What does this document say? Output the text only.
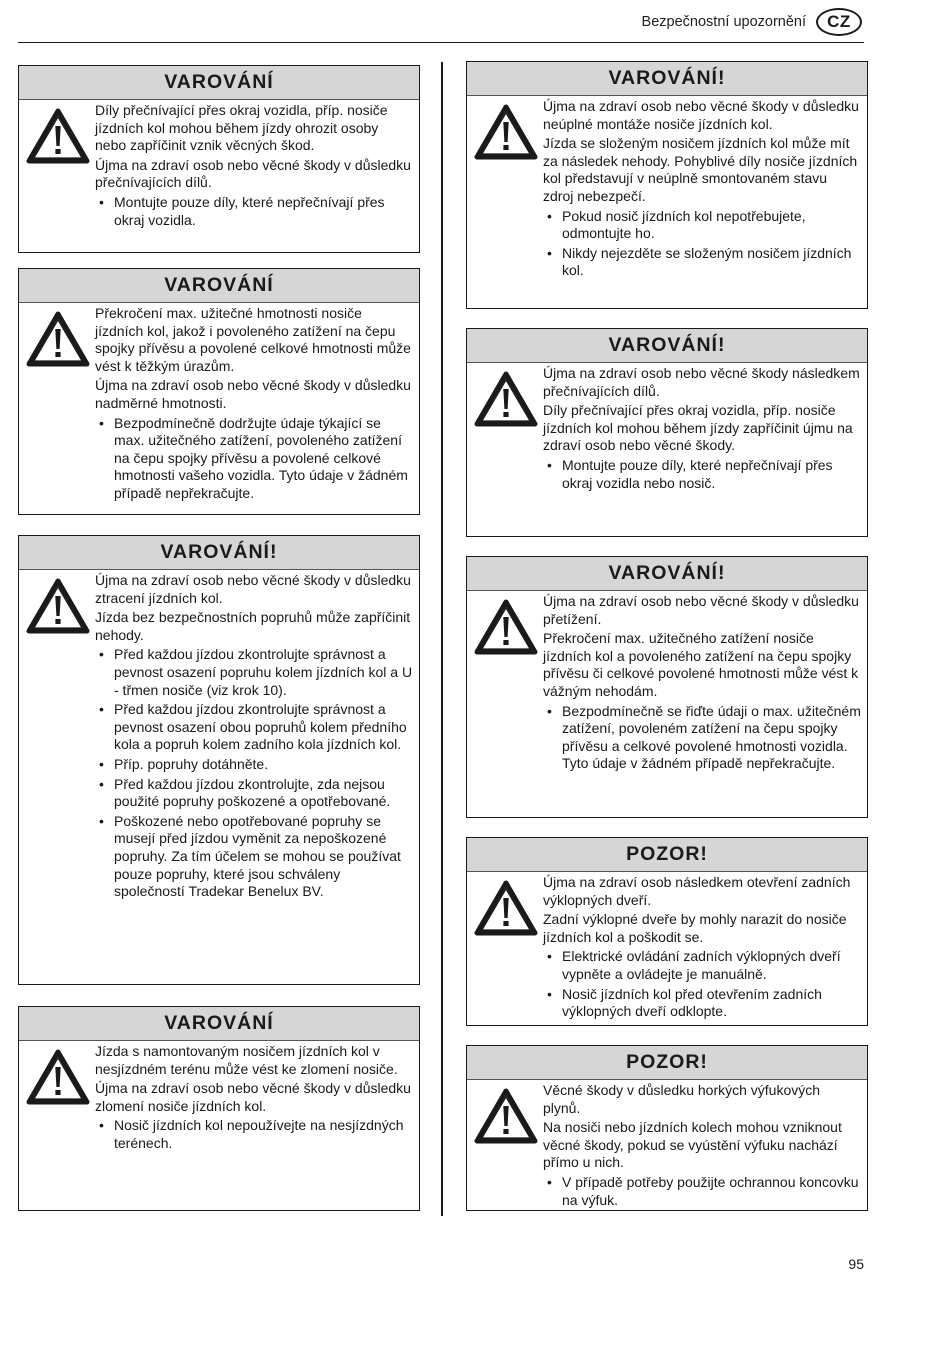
Bezpečnostní upozornění	CZ
VAROVÁNÍ

Díly přečnívající přes okraj vozidla, příp. nosiče jízdních kol mohou během jízdy ohrozit osoby nebo zapříčinit vznik věcných škod.

Újma na zdraví osob nebo věcné škody v důsledku přečnívajících dílů.

• Montujte pouze díly, které nepřečnívají přes okraj vozidla.
VAROVÁNÍ

Překročení max. užitečné hmotnosti nosiče jízdních kol, jakož i povoleného zatížení na čepu spojky přívěsu a povolené celkové hmotnosti může vést k těžkým úrazům.

Újma na zdraví osob nebo věcné škody v důsledku nadměrné hmotnosti.

• Bezpodmínečně dodržujte údaje týkající se max. užitečného zatížení, povoleného zatížení na čepu spojky přívěsu a povolené celkové hmotnosti vašeho vozidla. Tyto údaje v žádném případě nepřekračujte.
VAROVÁNÍ!

Újma na zdraví osob nebo věcné škody v důsledku ztracení jízdních kol.

Jízda bez bezpečnostních popruhů může zapříčinit nehody.

• Před každou jízdou zkontrolujte správnost a pevnost osazení popruhu kolem jízdních kol a U - třmen nosiče (viz krok 10).
• Před každou jízdou zkontrolujte správnost a pevnost osazení obou popruhů kolem předního kola a popruh kolem zadního kola jízdních kol.
• Příp. popruhy dotáhněte.
• Před každou jízdou zkontrolujte, zda nejsou použité popruhy poškozené a opotřebované.
• Poškozené nebo opotřebované popruhy se musejí před jízdou vyměnit za nepoškozené popruhy. Za tím účelem se mohou se používat pouze popruhy, které jsou schváleny společností Tradekar Benelux BV.
VAROVÁNÍ

Jízda s namontovaným nosičem jízdních kol v nesjízdném terénu může vést ke zlomení nosiče.

Újma na zdraví osob nebo věcné škody v důsledku zlomení nosiče jízdních kol.

• Nosič jízdních kol nepoužívejte na nesjízdných terénech.
VAROVÁNÍ!

Újma na zdraví osob nebo věcné škody v důsledku neúplné montáže nosiče jízdních kol.

Jízda se složeným nosičem jízdních kol může mít za následek nehody. Pohyblivé díly nosiče jízdních kol představují v neúplně smontovaném stavu zdroj nebezpečí.

• Pokud nosič jízdních kol nepotřebujete, odmontujte ho.
• Nikdy nejezděte se složeným nosičem jízdních kol.
VAROVÁNÍ!

Újma na zdraví osob nebo věcné škody následkem přečnívajících dílů.

Díly přečnívající přes okraj vozidla, příp. nosiče jízdních kol mohou během jízdy zapříčinit újmu na zdraví osob nebo věcné škody.

• Montujte pouze díly, které nepřečnívají přes okraj vozidla nebo nosič.
VAROVÁNÍ!

Újma na zdraví osob nebo věcné škody v důsledku přetížení.

Překročení max. užitečného zatížení nosiče jízdních kol a povoleného zatížení na čepu spojky přívěsu či celkové povolené hmotnosti může vést k vážným nehodám.

• Bezpodmínečně se řiďte údaji o max. užitečném zatížení, povoleném zatížení na čepu spojky přívěsu a celkové povolené hmotnosti vozidla. Tyto údaje v žádném případě nepřekračujte.
POZOR!

Újma na zdraví osob následkem otevření zadních výklopných dveří.

Zadní výklopné dveře by mohly narazit do nosiče jízdních kol a poškodit se.

• Elektrické ovládání zadních výklopných dveří vypněte a ovládejte je manuálně.
• Nosič jízdních kol před otevřením zadních výklopných dveří odklopte.
POZOR!

Věcné škody v důsledku horkých výfukových plynů.

Na nosiči nebo jízdních kolech mohou vzniknout věcné škody, pokud se vyústění výfuku nachází přímo u nich.

• V případě potřeby použijte ochrannou koncovku na výfuk.
95
